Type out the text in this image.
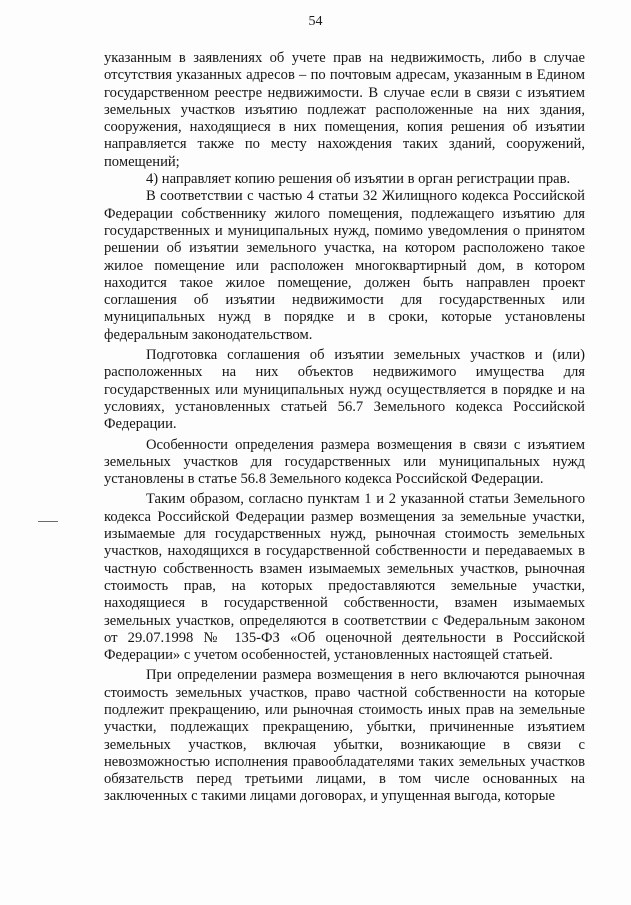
54

указанным в заявлениях об учете прав на недвижимость, либо в случае отсутствия указанных адресов – по почтовым адресам, указанным в Едином государственном реестре недвижимости. В случае если в связи с изъятием земельных участков изъятию подлежат расположенные на них здания, сооружения, находящиеся в них помещения, копия решения об изъятии направляется также по месту нахождения таких зданий, сооружений, помещений;

4) направляет копию решения об изъятии в орган регистрации прав.

В соответствии с частью 4 статьи 32 Жилищного кодекса Российской Федерации собственнику жилого помещения, подлежащего изъятию для государственных и муниципальных нужд, помимо уведомления о принятом решении об изъятии земельного участка, на котором расположено такое жилое помещение или расположен многоквартирный дом, в котором находится такое жилое помещение, должен быть направлен проект соглашения об изъятии недвижимости для государственных или муниципальных нужд в порядке и в сроки, которые установлены федеральным законодательством.

Подготовка соглашения об изъятии земельных участков и (или) расположенных на них объектов недвижимого имущества для государственных или муниципальных нужд осуществляется в порядке и на условиях, установленных статьей 56.7 Земельного кодекса Российской Федерации.

Особенности определения размера возмещения в связи с изъятием земельных участков для государственных или муниципальных нужд установлены в статье 56.8 Земельного кодекса Российской Федерации.

Таким образом, согласно пунктам 1 и 2 указанной статьи Земельного кодекса Российской Федерации размер возмещения за земельные участки, изымаемые для государственных нужд, рыночная стоимость земельных участков, находящихся в государственной собственности и передаваемых в частную собственность взамен изымаемых земельных участков, рыночная стоимость прав, на которых предоставляются земельные участки, находящиеся в государственной собственности, взамен изымаемых земельных участков, определяются в соответствии с Федеральным законом от 29.07.1998 № 135-ФЗ «Об оценочной деятельности в Российской Федерации» с учетом особенностей, установленных настоящей статьей.

При определении размера возмещения в него включаются рыночная стоимость земельных участков, право частной собственности на которые подлежит прекращению, или рыночная стоимость иных прав на земельные участки, подлежащих прекращению, убытки, причиненные изъятием земельных участков, включая убытки, возникающие в связи с невозможностью исполнения правообладателями таких земельных участков обязательств перед третьими лицами, в том числе основанных на заключенных с такими лицами договорах, и упущенная выгода, которые
